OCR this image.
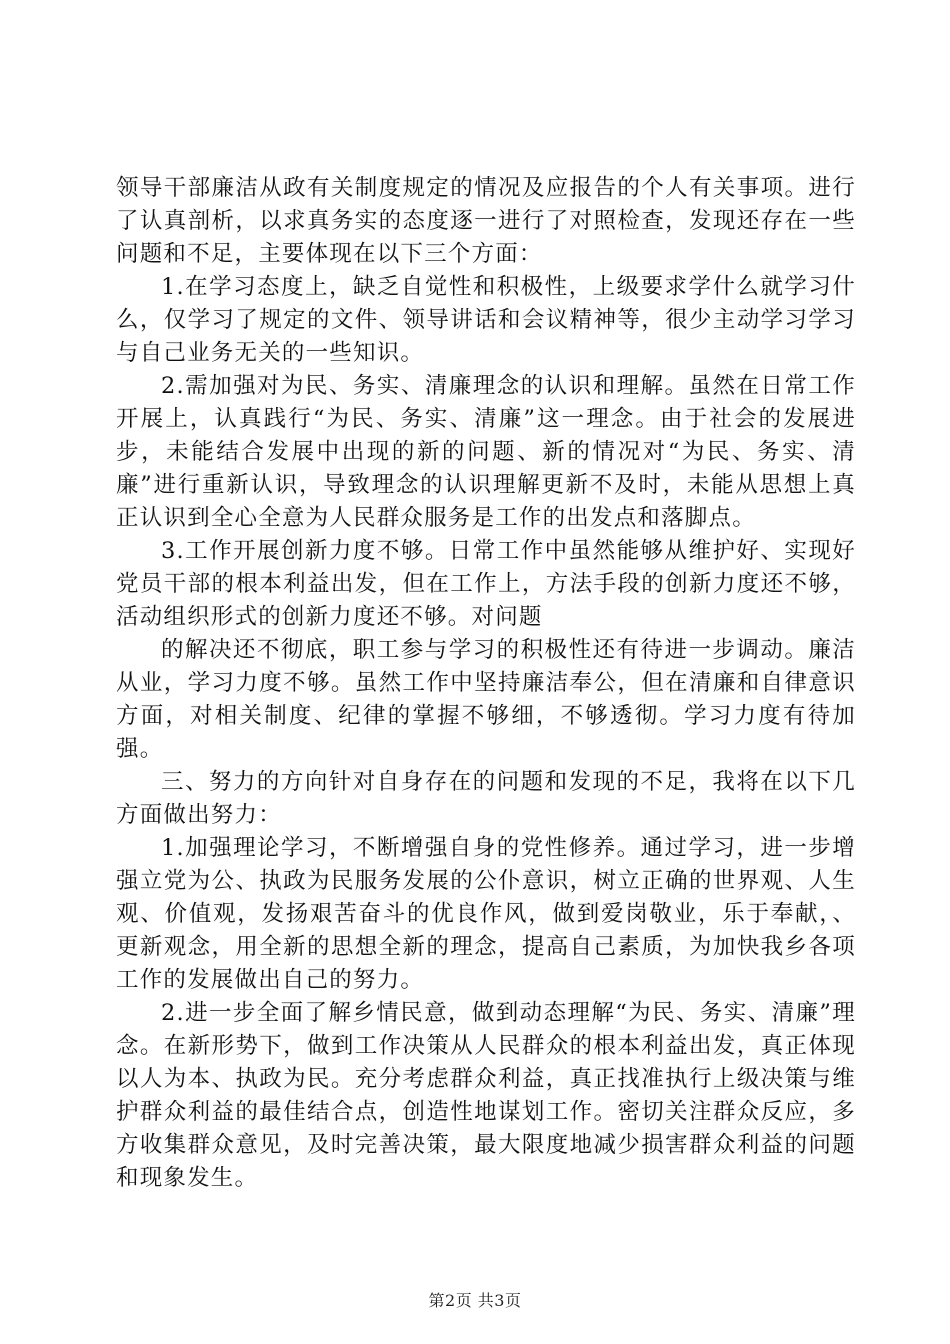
领导干部廉洁从政有关制度规定的情况及应报告的个人有关事项。进行了认真剖析，以求真务实的态度逐一进行了对照检查，发现还存在一些问题和不足，主要体现在以下三个方面：

1.在学习态度上，缺乏自觉性和积极性，上级要求学什么就学习什么，仅学习了规定的文件、领导讲话和会议精神等，很少主动学习学习与自己业务无关的一些知识。

2.需加强对为民、务实、清廉理念的认识和理解。虽然在日常工作开展上，认真践行“为民、务实、清廉”这一理念。由于社会的发展进步，未能结合发展中出现的新的问题、新的情况对“为民、务实、清廉”进行重新认识，导致理念的认识理解更新不及时，未能从思想上真正认识到全心全意为人民群众服务是工作的出发点和落脚点。

3.工作开展创新力度不够。日常工作中虽然能够从维护好、实现好党员干部的根本利益出发，但在工作上，方法手段的创新力度还不够，活动组织形式的创新力度还不够。对问题

的解决还不彻底，职工参与学习的积极性还有待进一步调动。廉洁从业，学习力度不够。虽然工作中坚持廉洁奉公，但在清廉和自律意识方面，对相关制度、纪律的掌握不够细，不够透彻。学习力度有待加强。

三、努力的方向针对自身存在的问题和发现的不足，我将在以下几方面做出努力：

1.加强理论学习，不断增强自身的党性修养。通过学习，进一步增强立党为公、执政为民服务发展的公仆意识，树立正确的世界观、人生观、价值观，发扬艰苦奋斗的优良作风，做到爱岗敬业，乐于奉献，、更新观念，用全新的思想全新的理念，提高自己素质，为加快我乡各项工作的发展做出自己的努力。

2.进一步全面了解乡情民意，做到动态理解“为民、务实、清廉”理念。在新形势下，做到工作决策从人民群众的根本利益出发，真正体现以人为本、执政为民。充分考虑群众利益，真正找准执行上级决策与维护群众利益的最佳结合点，创造性地谋划工作。密切关注群众反应，多方收集群众意见，及时完善决策，最大限度地减少损害群众利益的问题和现象发生。

第2页 共3页
